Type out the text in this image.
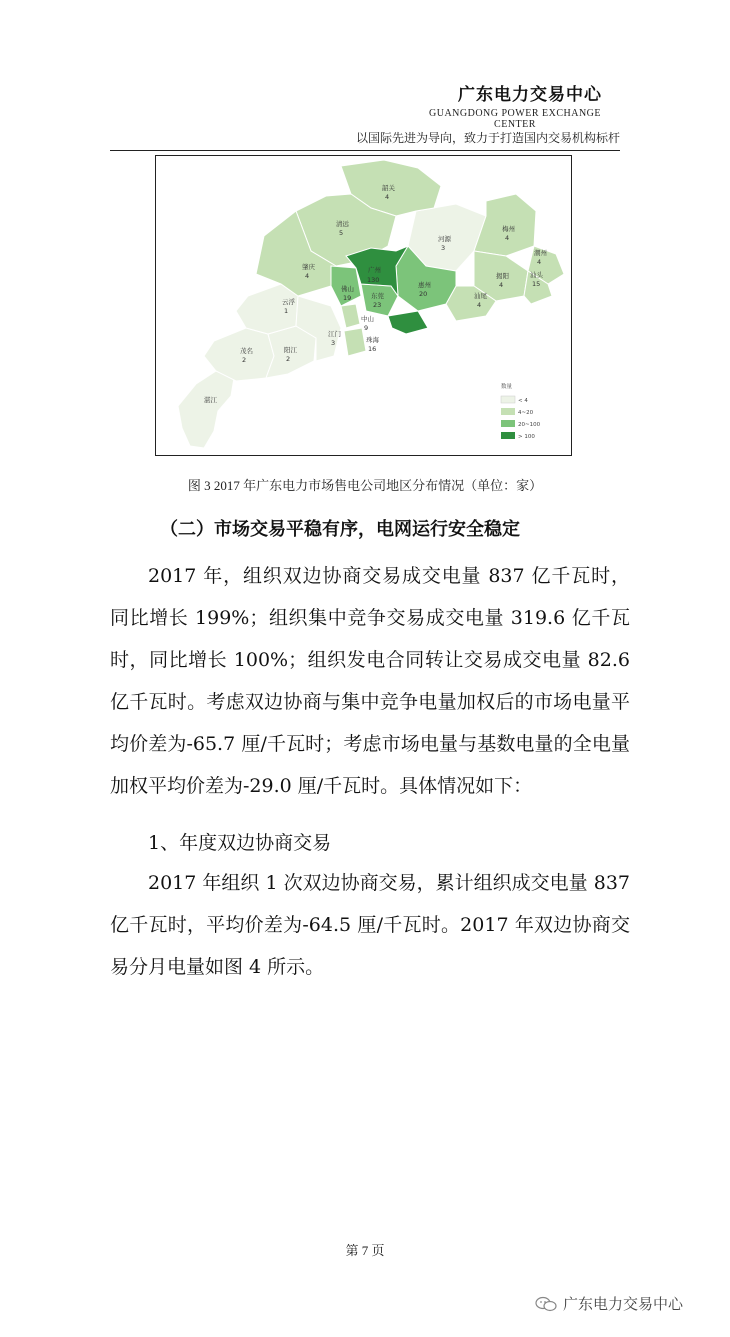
广东电力交易中心
GUANGDONG POWER EXCHANGE CENTER
以国际先进为导向，致力于打造国内交易机构标杆
韶关
4
清远
5
河源
3
梅州
4
潮州
4
揭阳
4
汕头
15
汕尾
4
惠州
20
广州
130
肇庆
4
佛山
19	东莞
23
中山
9
珠海
16
江门
3
云浮
1
阳江
2
茂名
2
湛江
数量
< 4
4~20
20~100
> 100
图 3 2017 年广东电力市场售电公司地区分布情况（单位：家）
（二）市场交易平稳有序，电网运行安全稳定
2017 年，组织双边协商交易成交电量 837 亿千瓦时，同比增长 199%；组织集中竞争交易成交电量 319.6 亿千瓦时，同比增长 100%；组织发电合同转让交易成交电量 82.6 亿千瓦时。考虑双边协商与集中竞争电量加权后的市场电量平均价差为-65.7 厘/千瓦时；考虑市场电量与基数电量的全电量加权平均价差为-29.0 厘/千瓦时。具体情况如下：
1、年度双边协商交易
2017 年组织 1 次双边协商交易，累计组织成交电量 837 亿千瓦时，平均价差为-64.5 厘/千瓦时。2017 年双边协商交易分月电量如图 4 所示。
第 7 页
广东电力交易中心
